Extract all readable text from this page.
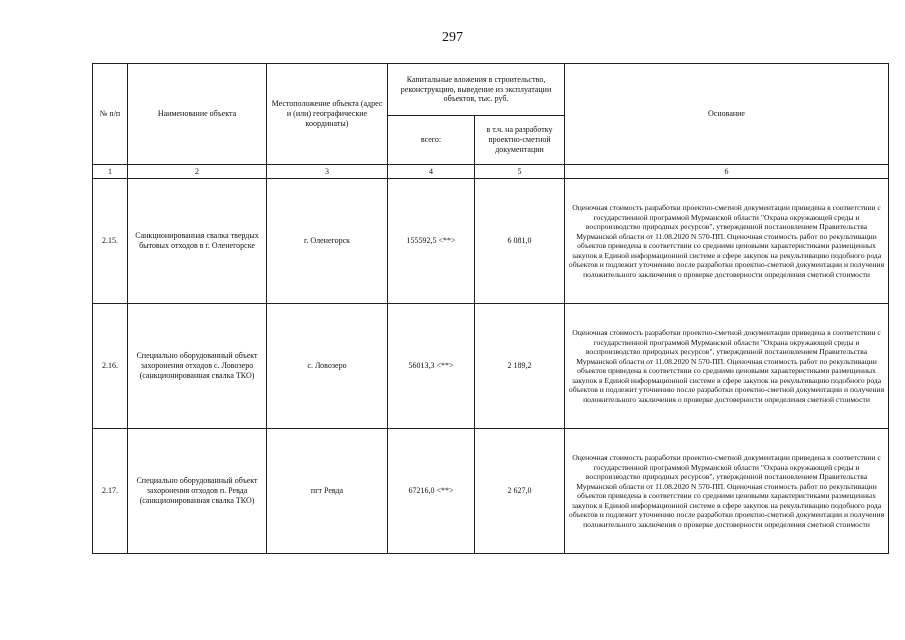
297
№ п/п	Наименование объекта	Местоположение объекта (адрес и (или) географические координаты)	Капитальные вложения в строительство, реконструкцию, выведение из эксплуатации объектов, тыс. руб.		Основание
			всего:	в т.ч. на разработку проектно-сметной документации	
1	2	3	4	5	6
2.15.	Санкционированная свалка твердых бытовых отходов в г. Оленегорске	г. Оленегорск	155592,5 <**>	6 081,0	Оценочная стоимость разработки проектно-сметной документации приведена в соответствии с государственной программой Мурманской области "Охрана окружающей среды и воспроизводство природных ресурсов", утвержденной постановлением Правительства Мурманской области от 11.08.2020 N 570-ПП. Оценочная стоимость работ по рекультивации объектов приведена в соответствии со средними ценовыми характеристиками размещенных закупок в Единой информационной системе в сфере закупок на рекультивацию подобного рода объектов и подлежит уточнению после разработки проектно-сметной документации и получения положительного заключения о проверке достоверности определения сметной стоимости
2.16.	Специально оборудованный объект захоронения отходов с. Ловозеро (санкционированная свалка ТКО)	с. Ловозеро	56013,3 <**>	2 189,2	Оценочная стоимость разработки проектно-сметной документации приведена в соответствии с государственной программой Мурманской области "Охрана окружающей среды и воспроизводство природных ресурсов", утвержденной постановлением Правительства Мурманской области от 11.08.2020 N 570-ПП. Оценочная стоимость работ по рекультивации объектов приведена в соответствии со средними ценовыми характеристиками размещенных закупок в Единой информационной системе в сфере закупок на рекультивацию подобного рода объектов и подлежит уточнению после разработки проектно-сметной документации и получения положительного заключения о проверке достоверности определения сметной стоимости
2.17.	Специально оборудованный объект захоронения отходов п. Ревда (санкционированная свалка ТКО)	пгт Ревда	67216,0 <**>	2 627,0	Оценочная стоимость разработки проектно-сметной документации приведена в соответствии с государственной программой Мурманской области "Охрана окружающей среды и воспроизводство природных ресурсов", утвержденной постановлением Правительства Мурманской области от 11.08.2020 N 570-ПП. Оценочная стоимость работ по рекультивации объектов приведена в соответствии со средними ценовыми характеристиками размещенных закупок в Единой информационной системе в сфере закупок на рекультивацию подобного рода объектов и подлежит уточнению после разработки проектно-сметной документации и получения положительного заключения о проверке достоверности определения сметной стоимости
